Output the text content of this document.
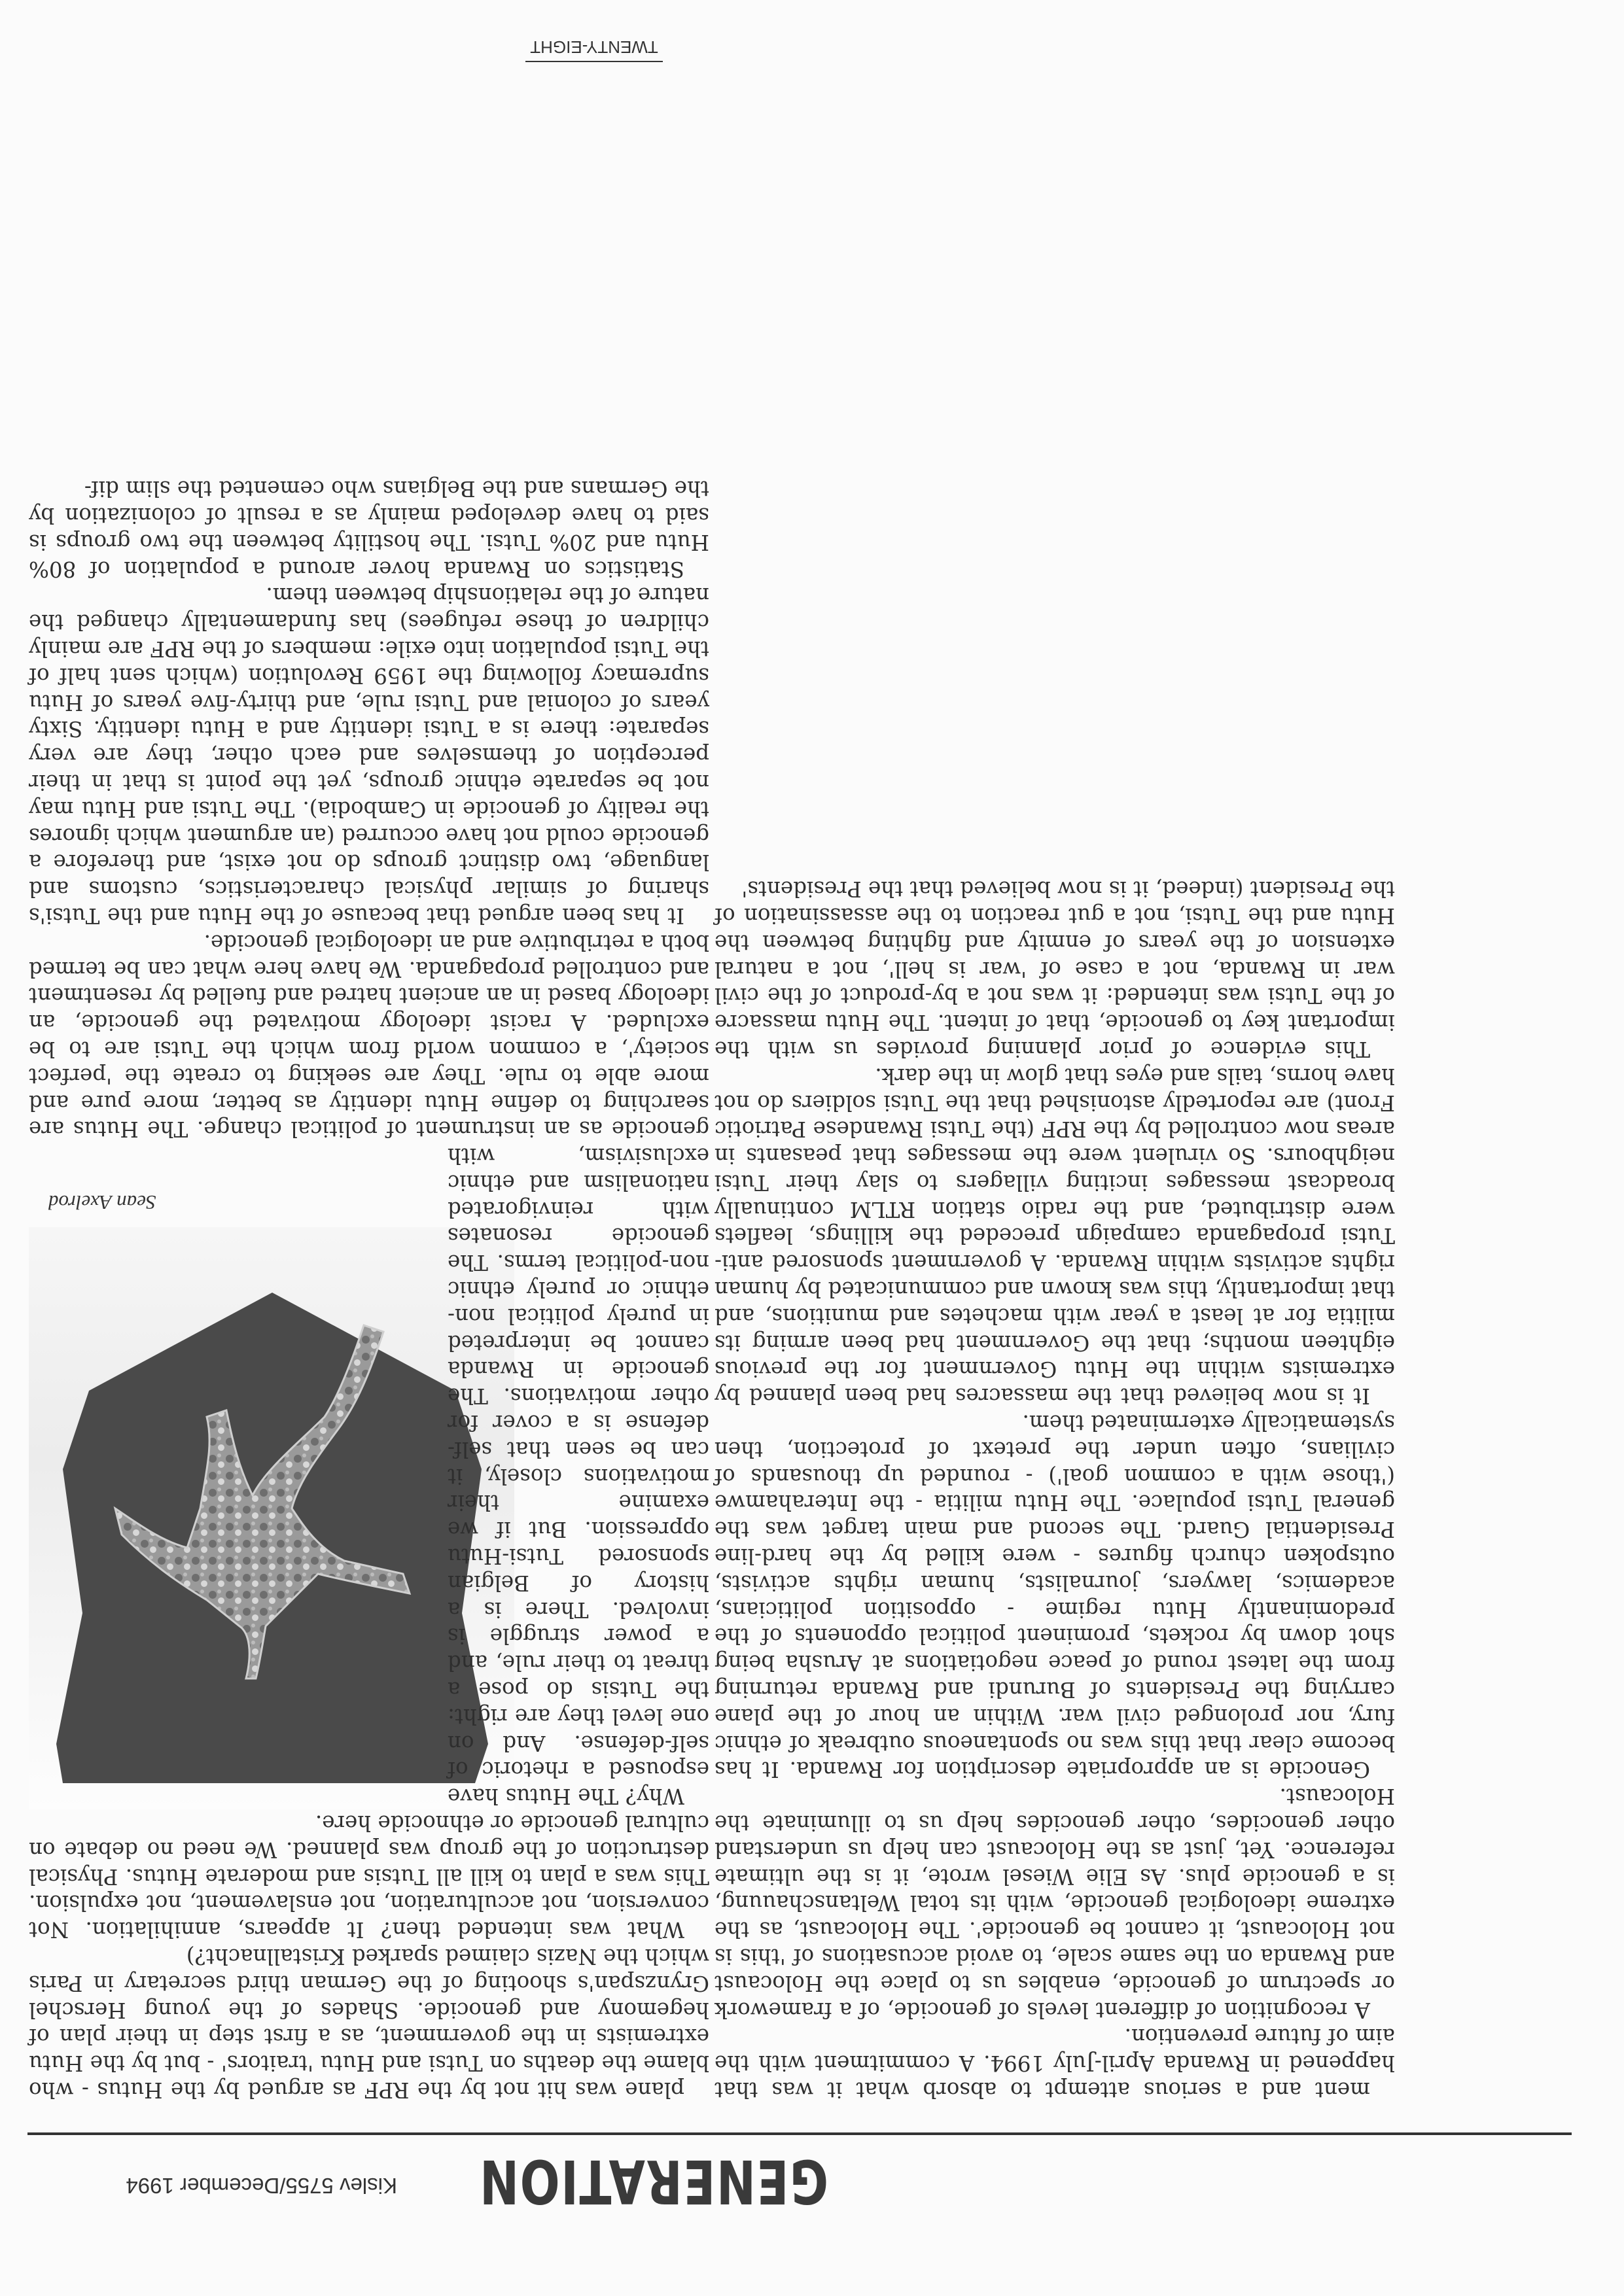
GENERATION
Kislev 5755/December 1994

ment and a serious attempt to absorb what it was that happened in Rwanda April-July 1994. A commitment with the aim of future prevention.

A recognition of different levels of genocide, of a framework or spectrum of genocide, enables us to place the Holocaust and Rwanda on the same scale, to avoid accusations of 'this is not Holocaust, it cannot be genocide'. The Holocaust, as the extreme ideological genocide, with its total Weltanschauung, is a genocide plus. As Elie Wiesel wrote, it is the ultimate reference. Yet, just as the Holocaust can help us understand other genocides, other genocides help us to illuminate the Holocaust.

Genocide is an appropriate description for Rwanda. It has become clear that this was no spontaneous outbreak of ethnic fury, nor prolonged civil war. Within an hour of the plane carrying the Presidents of Burundi and Rwanda returning from the latest round of peace negotiations at Arusha being shot down by rockets, prominent political opponents of the predominantly Hutu regime - opposition politicians, academics, lawyers, journalists, human rights activists, outspoken church figures - were killed by the hard-line Presidential Guard. The second and main target was the general Tutsi populace. The Hutu militia - the Interahamwe ('those with a common goal') - rounded up thousands of civilians, often under the pretext of protection, then systematically exterminated them.

It is now believed that the massacres had been planned by extremists within the Hutu Government for the previous eighteen months; that the Government had been arming its militia for at least a year with machetes and munitions, and that importantly, this was known and communicated by human rights activists within Rwanda. A government sponsored anti-Tutsi propaganda campaign preceded the killings, leaflets were distributed, and the radio station RTLM continually broadcast messages inciting villagers to slay their Tutsi neighbours. So virulent were the messages that peasants in areas now controlled by the RPF (the Tutsi Rwandese Patriotic Front) are reportedly astonished that the Tutsi soldiers do not have horns, tails and eyes that glow in the dark.

This evidence of prior planning provides us with the important key to genocide, that of intent. The Hutu massacre of the Tutsi was intended: it was not a by-product of the civil war in Rwanda, not a case of 'war is hell', not a natural extension of the years of enmity and fighting between the Hutu and the Tutsi, not a gut reaction to the assassination of the President (indeed, it is now believed that the Presidents'

Sean Axelrod

plane was hit not by the RPF as argued by the Hutus - who blame the deaths on Tutsi and Hutu 'traitors' - but by the Hutu extremists in the government, as a first step in their plan of hegemony and genocide. Shades of the young Herschel Grynzspan's shooting of the German third secretary in Paris which the Nazis claimed sparked Kristallnacht?)

What was intended then? It appears, annihilation. Not conversion, not acculturation, not enslavement, not expulsion. This was a plan to kill all Tutsis and moderate Hutus. Physical destruction of the group was planned. We need no debate on cultural genocide or ethnocide here.

Why? The Hutus have espoused a rhetoric of self-defense. And on one level they are right: the Tutsis do pose a threat to their rule, and a power struggle is involved. There is a history of Belgian sponsored Tutsi-Hutu oppression. But if we examine their motivations closely, it can be seen that self-defense is a cover for other motivations. The genocide in Rwanda cannot be interpreted in purely political non-ethnic or purely ethnic non-political terms. The genocide resonates with reinvigorated nationalism and ethnic exclusivism, with genocide as an instrument of political change. The Hutus are searching to define Hutu identity as better, more pure and more able to rule. They are seeking to create the 'perfect society', a common world from which the Tutsi are to be excluded. A racist ideology motivated the genocide, an ideology based in an ancient hatred and fuelled by resentment and controlled propaganda. We have here what can be termed both a retributive and an ideological genocide.

It has been argued that because of the Hutu and the Tutsi's sharing of similar physical characteristics, customs and language, two distinct groups do not exist, and therefore a genocide could not have occurred (an argument which ignores the reality of genocide in Cambodia). The Tutsi and Hutu may not be separate ethnic groups, yet the point is that in their perception of themselves and each other, they are very separate: there is a Tutsi identity and a Hutu identity. Sixty years of colonial and Tutsi rule, and thirty-five years of Hutu supremacy following the 1959 Revolution (which sent half of the Tutsi population into exile: members of the RPF are mainly children of these refugees) has fundamentally changed the nature of the relationship between them.

Statistics on Rwanda hover around a population of 80% Hutu and 20% Tutsi. The hostility between the two groups is said to have developed mainly as a result of colonization by the Germans and the Belgians who cemented the slim dif-

TWENTY-EIGHT
